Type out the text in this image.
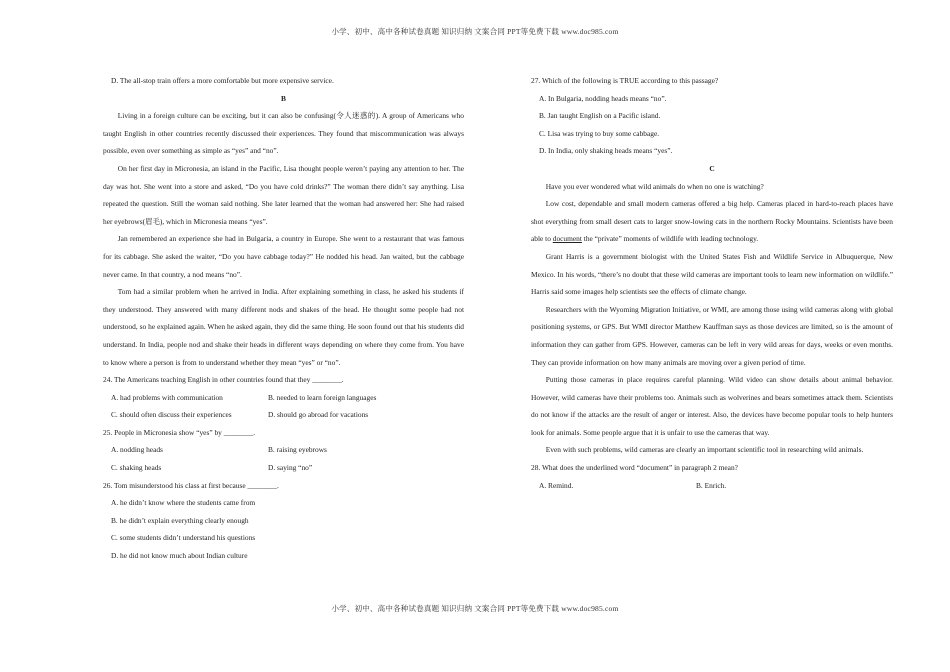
小学、初中、高中各种试卷真题 知识归纳 文案合同 PPT等免费下载 www.doc985.com

D. The all-stop train offers a more comfortable but more expensive service.

B

Living in a foreign culture can be exciting, but it can also be confusing(令人迷惑的). A group of Americans who taught English in other countries recently discussed their experiences. They found that miscommunication was always possible, even over something as simple as “yes” and “no”.

On her first day in Micronesia, an island in the Pacific, Lisa thought people weren’t paying any attention to her. The day was hot. She went into a store and asked, “Do you have cold drinks?” The woman there didn’t say anything. Lisa repeated the question. Still the woman said nothing. She later learned that the woman had answered her: She had raised her eyebrows(眉毛), which in Micronesia means “yes”.

Jan remembered an experience she had in Bulgaria, a country in Europe. She went to a restaurant that was famous for its cabbage. She asked the waiter, “Do you have cabbage today?” He nodded his head. Jan waited, but the cabbage never came. In that country, a nod means “no”.

Tom had a similar problem when he arrived in India. After explaining something in class, he asked his students if they understood. They answered with many different nods and shakes of the head. He thought some people had not understood, so he explained again. When he asked again, they did the same thing. He soon found out that his students did understand. In India, people nod and shake their heads in different ways depending on where they come from. You have to know where a person is from to understand whether they mean “yes” or “no”.

24. The Americans teaching English in other countries found that they ________.

A. had problems with communication	B. needed to learn foreign languages
C. should often discuss their experiences	D. should go abroad for vacations

25. People in Micronesia show “yes” by ________.

A. nodding heads	B. raising eyebrows
C. shaking heads	D. saying “no”

26. Tom misunderstood his class at first because ________.

A. he didn’t know where the students came from

B. he didn’t explain everything clearly enough

C. some students didn’t understand his questions

D. he did not know much about Indian culture

27. Which of the following is TRUE according to this passage?

A. In Bulgaria, nodding heads means “no”.

B. Jan taught English on a Pacific island.

C. Lisa was trying to buy some cabbage.

D. In India, only shaking heads means “yes”.

C

Have you ever wondered what wild animals do when no one is watching?

Low cost, dependable and small modern cameras offered a big help. Cameras placed in hard-to-reach places have shot everything from small desert cats to larger snow-lowing cats in the northern Rocky Mountains. Scientists have been able to document the “private” moments of wildlife with leading technology.

Grant Harris is a government biologist with the United States Fish and Wildlife Service in Albuquerque, New Mexico. In his words, “there’s no doubt that these wild cameras are important tools to learn new information on wildlife.” Harris said some images help scientists see the effects of climate change.

Researchers with the Wyoming Migration Initiative, or WMI, are among those using wild cameras along with global positioning systems, or GPS. But WMI director Matthew Kauffman says as those devices are limited, so is the amount of information they can gather from GPS. However, cameras can be left in very wild areas for days, weeks or even months. They can provide information on how many animals are moving over a given period of time.

Putting those cameras in place requires careful planning. Wild video can show details about animal behavior. However, wild cameras have their problems too. Animals such as wolverines and bears sometimes attack them. Scientists do not know if the attacks are the result of anger or interest. Also, the devices have become popular tools to help hunters look for animals. Some people argue that it is unfair to use the cameras that way.

Even with such problems, wild cameras are clearly an important scientific tool in researching wild animals.

28. What does the underlined word “document” in paragraph 2 mean?

A. Remind.	B. Enrich.
小学、初中、高中各种试卷真题 知识归纳 文案合同 PPT等免费下载 www.doc985.com
